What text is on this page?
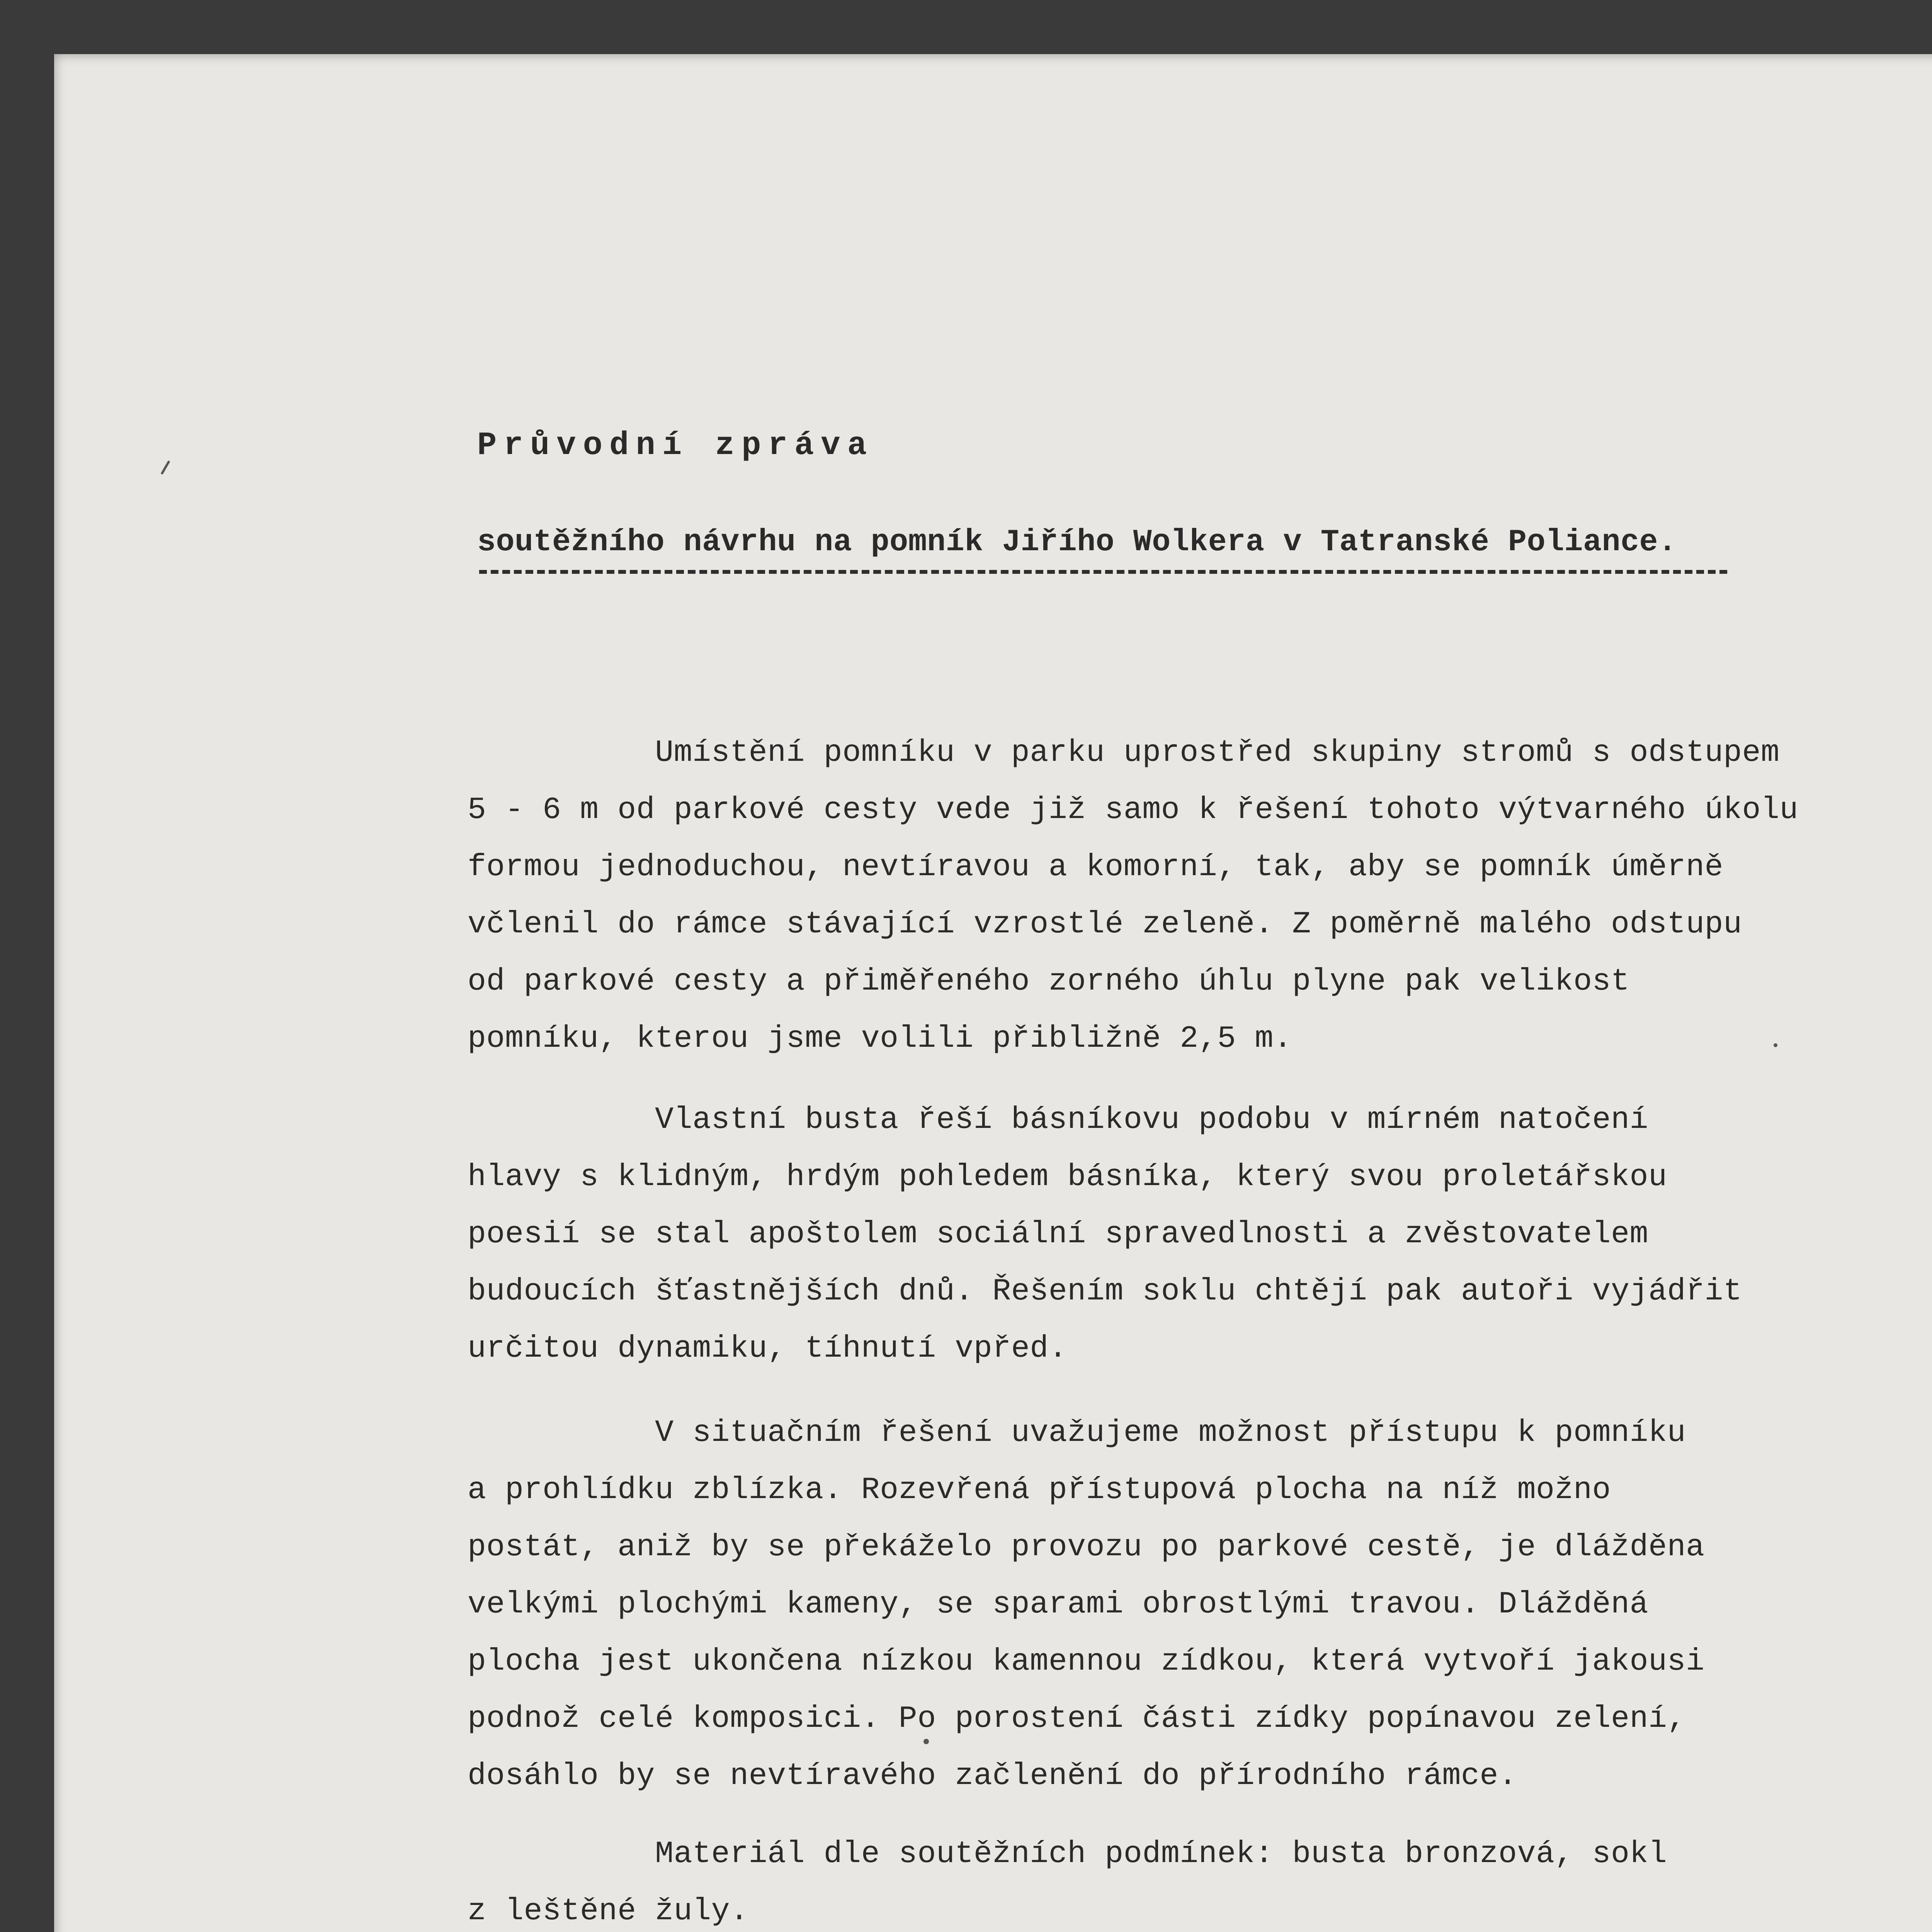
Průvodní zpráva
soutěžního návrhu na pomník Jiřího Wolkera v Tatranské Poliance.

Umístění pomníku v parku uprostřed skupiny stromů s odstupem
5 - 6 m od parkové cesty vede již samo k řešení tohoto výtvarného úkolu
formou jednoduchou, nevtíravou a komorní, tak, aby se pomník úměrně
včlenil do rámce stávající vzrostlé zeleně. Z poměrně malého odstupu
od parkové cesty a přiměřeného zorného úhlu plyne pak velikost
pomníku, kterou jsme volili přibližně 2,5 m.

Vlastní busta řeší básníkovu podobu v mírném natočení
hlavy s klidným, hrdým pohledem básníka, který svou proletářskou
poesií se stal apoštolem sociální spravedlnosti a zvěstovatelem
budoucích šťastnějších dnů. Řešením soklu chtějí pak autoři vyjádřit
určitou dynamiku, tíhnutí vpřed.

V situačním řešení uvažujeme možnost přístupu k pomníku
a prohlídku zblízka. Rozevřená přístupová plocha na níž možno
postát, aniž by se překáželo provozu po parkové cestě, je dlážděna
velkými plochými kameny, se sparami obrostlými travou. Dlážděná
plocha jest ukončena nízkou kamennou zídkou, která vytvoří jakousi
podnož celé komposici. Po porostení části zídky popínavou zelení,
dosáhlo by se nevtíravého začlenění do přírodního rámce.

Materiál dle soutěžních podmínek: busta bronzová, sokl
z leštěné žuly.
